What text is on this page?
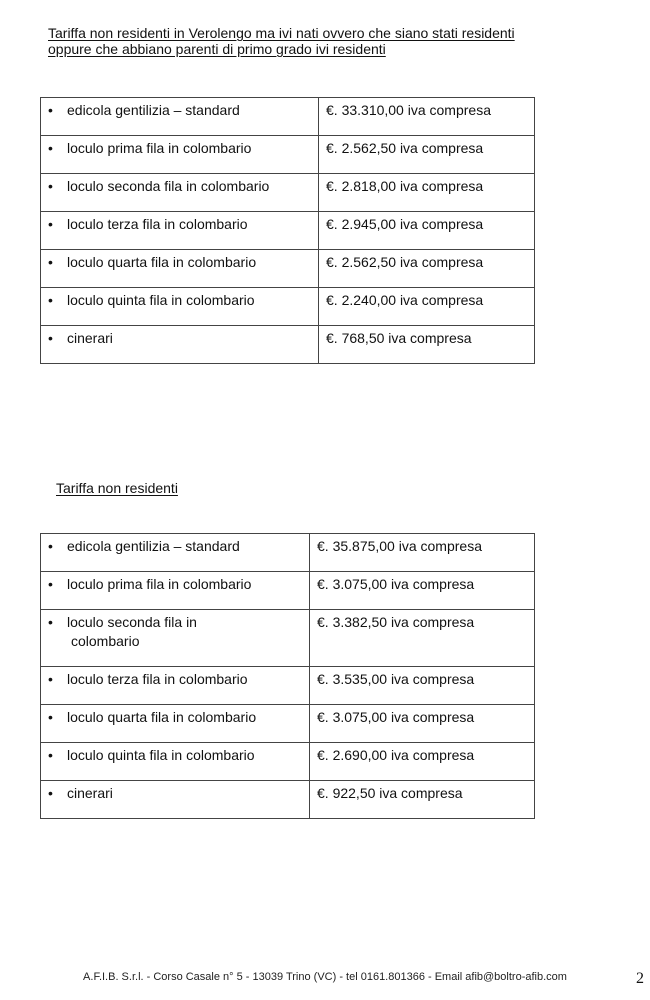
Tariffa non residenti in Verolengo ma ivi nati ovvero che siano stati residenti
oppure che abbiano parenti di primo grado ivi residenti
• edicola gentilizia – standard	€. 33.310,00 iva compresa

• loculo prima fila in colombario	€. 2.562,50 iva compresa

• loculo seconda fila in colombario	€. 2.818,00 iva compresa

• loculo terza fila in colombario	€. 2.945,00 iva compresa

• loculo quarta fila in colombario	€. 2.562,50 iva compresa

• loculo quinta fila in colombario	€. 2.240,00 iva compresa

• cinerari	€. 768,50 iva compresa
Tariffa non residenti
• edicola gentilizia – standard	€. 35.875,00 iva compresa

• loculo prima fila in colombario	€. 3.075,00 iva compresa

• loculo seconda fila in
colombario	€. 3.382,50 iva compresa

• loculo terza fila in colombario	€. 3.535,00 iva compresa

• loculo quarta fila in colombario	€. 3.075,00 iva compresa

• loculo quinta fila in colombario	€. 2.690,00 iva compresa

• cinerari	€. 922,50 iva compresa
A.F.I.B. S.r.l. - Corso Casale n° 5 - 13039 Trino (VC) - tel 0161.801366 - Email afib@boltro-afib.com	2
